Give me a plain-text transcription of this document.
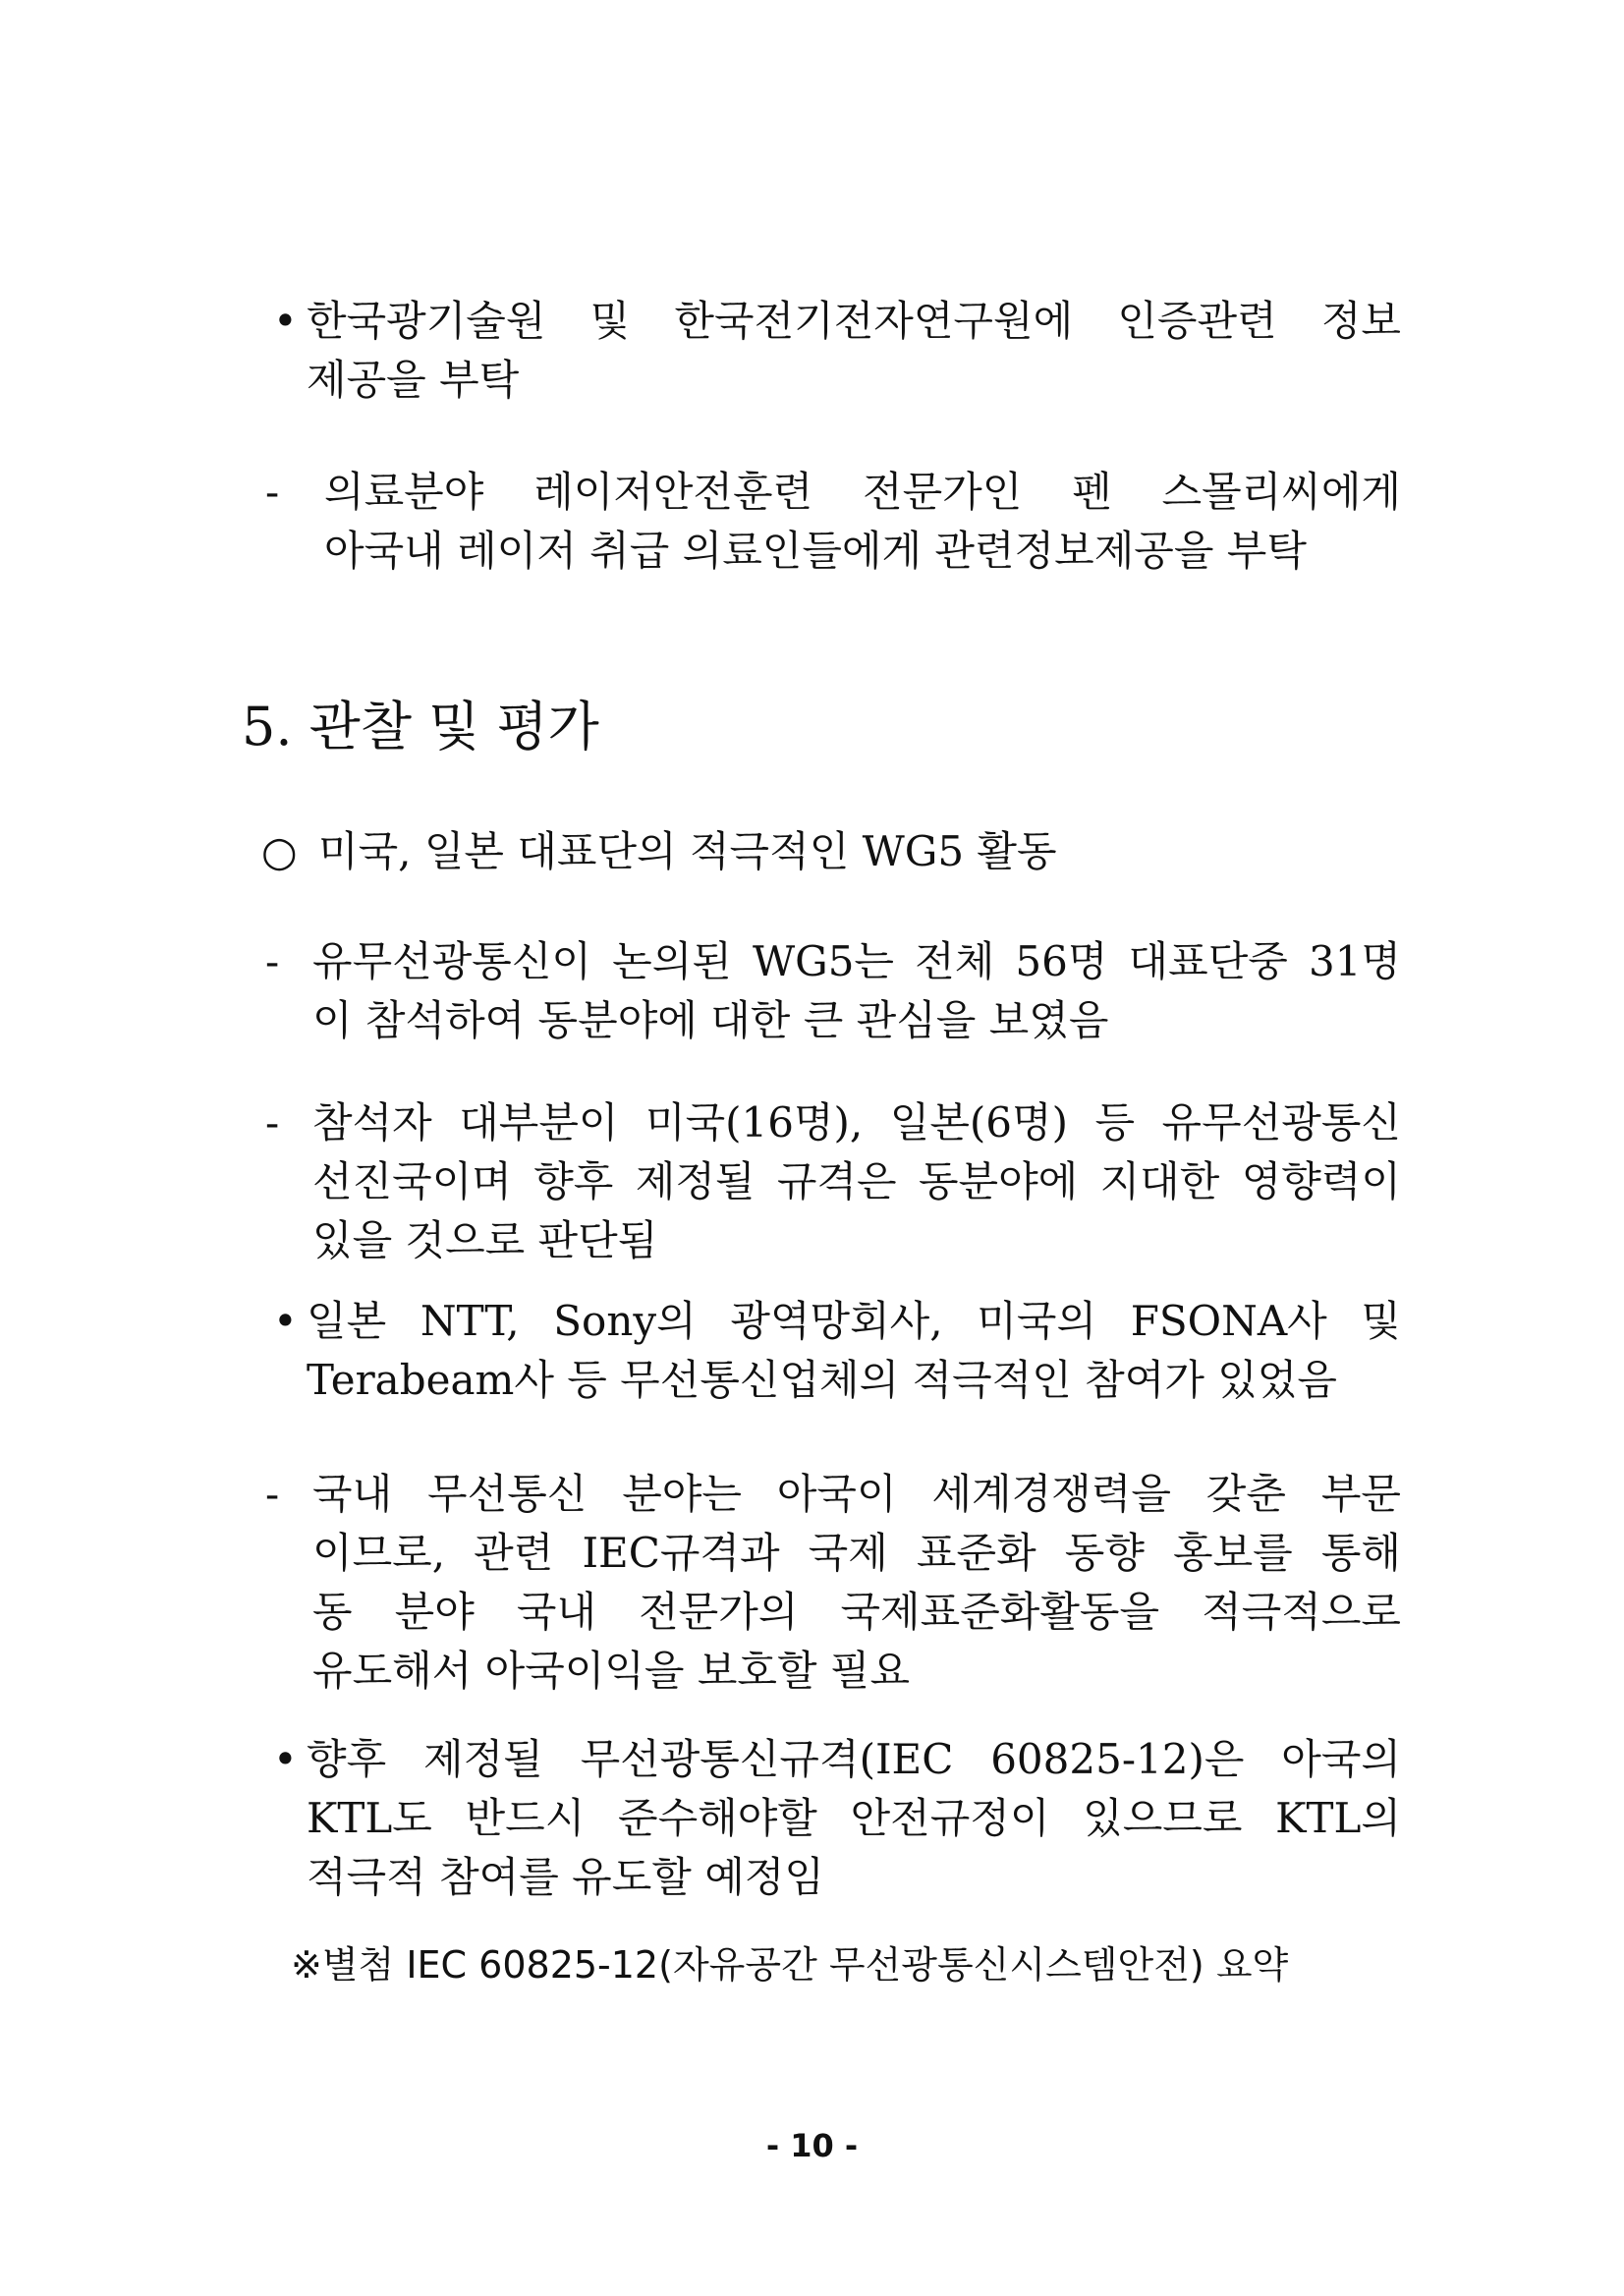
• 한국광기술원 및 한국전기전자연구원에 인증관련 정보
제공을 부탁
- 의료분야 레이저안전훈련 전문가인 펜 스몰리씨에게
아국내 레이저 취급 의료인들에게 관련정보제공을 부탁
5. 관찰 및 평가
○ 미국, 일본 대표단의 적극적인 WG5 활동
- 유무선광통신이 논의된 WG5는 전체 56명 대표단중 31명
이 참석하여 동분야에 대한 큰 관심을 보였음
- 참석자 대부분이 미국(16명), 일본(6명) 등 유무선광통신
선진국이며 향후 제정될 규격은 동분야에 지대한 영향력이
있을 것으로 판단됨
• 일본 NTT, Sony의 광역망회사, 미국의 FSONA사 및
Terabeam사 등 무선통신업체의 적극적인 참여가 있었음
- 국내 무선통신 분야는 아국이 세계경쟁력을 갖춘 부문
이므로, 관련 IEC규격과 국제 표준화 동향 홍보를 통해
동 분야 국내 전문가의 국제표준화활동을 적극적으로
유도해서 아국이익을 보호할 필요
• 향후 제정될 무선광통신규격(IEC 60825-12)은 아국의
KTL도 반드시 준수해야할 안전규정이 있으므로 KTL의
적극적 참여를 유도할 예정임
※별첨 IEC 60825-12(자유공간 무선광통신시스템안전) 요약
- 10 -
